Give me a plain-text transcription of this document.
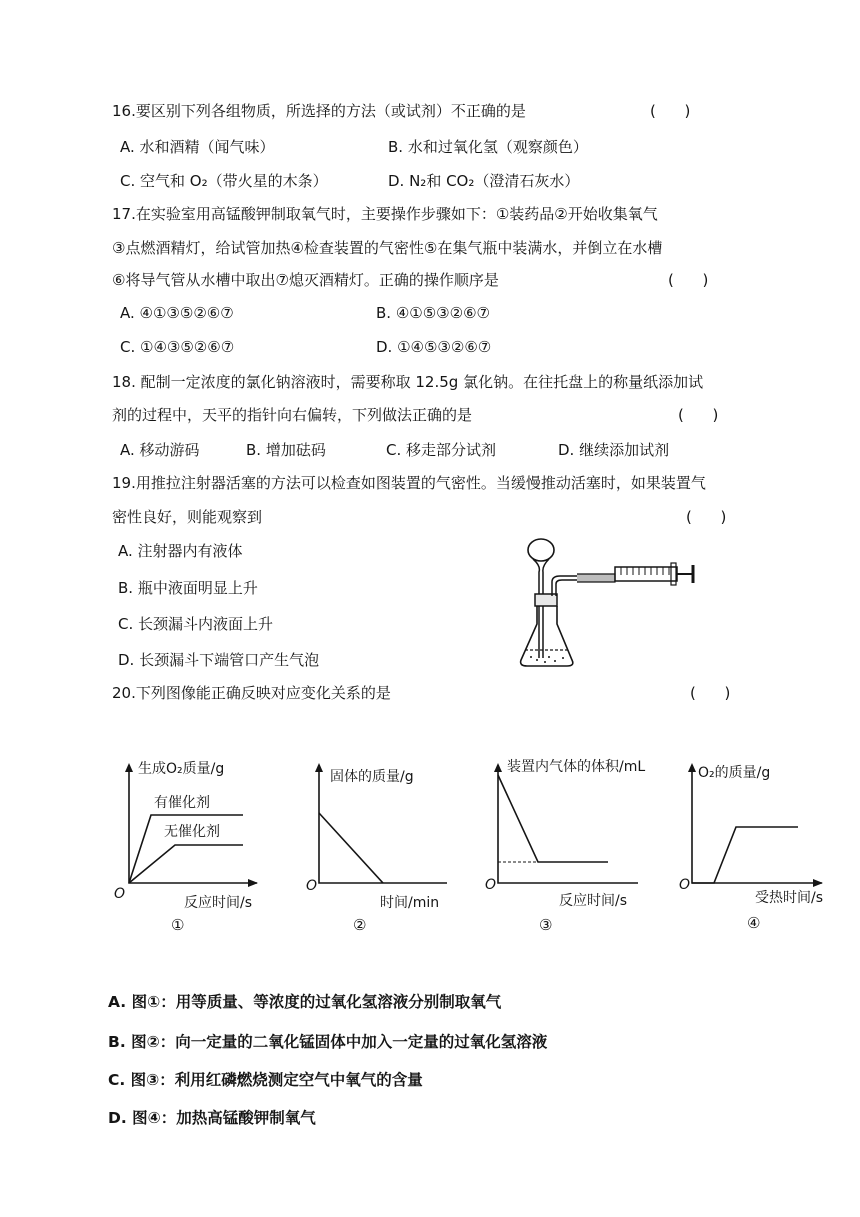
16.要区别下列各组物质，所选择的方法（或试剂）不正确的是	(      )
A. 水和酒精（闻气味）	B. 水和过氧化氢（观察颜色）
C. 空气和 O₂（带火星的木条）	D. N₂和 CO₂（澄清石灰水）
17.在实验室用高锰酸钾制取氧气时，主要操作步骤如下：①装药品②开始收集氧气
③点燃酒精灯，给试管加热④检查装置的气密性⑤在集气瓶中装满水，并倒立在水槽
⑥将导气管从水槽中取出⑦熄灭酒精灯。正确的操作顺序是	(      )
A. ④①③⑤②⑥⑦	B. ④①⑤③②⑥⑦
C. ①④③⑤②⑥⑦	D. ①④⑤③②⑥⑦
18. 配制一定浓度的氯化钠溶液时，需要称取 12.5g 氯化钠。在往托盘上的称量纸添加试
剂的过程中，天平的指针向右偏转，下列做法正确的是	(      )
A. 移动游码	B. 增加砝码	C. 移走部分试剂	D. 继续添加试剂
19.用推拉注射器活塞的方法可以检查如图装置的气密性。当缓慢推动活塞时，如果装置气
密性良好，则能观察到	(      )
A. 注射器内有液体
B. 瓶中液面明显上升
C. 长颈漏斗内液面上升
D. 长颈漏斗下端管口产生气泡
20.下列图像能正确反映对应变化关系的是	(      )
生成O₂质量/g
有催化剂
无催化剂
O
反应时间/s
①
固体的质量/g
O
时间/min
②
装置内气体的体积/mL
O
反应时间/s
③
O₂的质量/g
O
受热时间/s
④
A. 图①：用等质量、等浓度的过氧化氢溶液分别制取氧气
B. 图②：向一定量的二氧化锰固体中加入一定量的过氧化氢溶液
C. 图③：利用红磷燃烧测定空气中氧气的含量
D. 图④：加热高锰酸钾制氧气
